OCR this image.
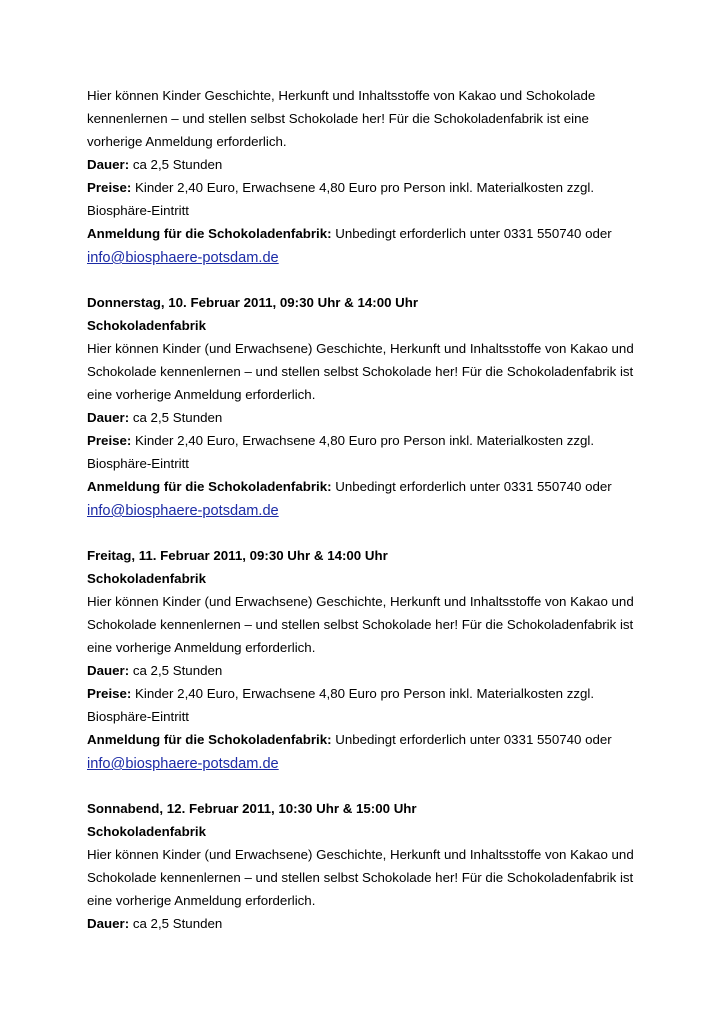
Hier können Kinder Geschichte, Herkunft und Inhaltsstoffe von Kakao und Schokolade
kennenlernen – und stellen selbst Schokolade her! Für die Schokoladenfabrik ist eine
vorherige Anmeldung erforderlich.
Dauer: ca 2,5 Stunden
Preise: Kinder 2,40 Euro, Erwachsene 4,80 Euro pro Person inkl. Materialkosten zzgl.
Biosphäre-Eintritt
Anmeldung für die Schokoladenfabrik: Unbedingt erforderlich unter 0331 550740 oder
info@biosphaere-potsdam.de
Donnerstag, 10. Februar 2011, 09:30 Uhr & 14:00 Uhr
Schokoladenfabrik
Hier können Kinder (und Erwachsene) Geschichte, Herkunft und Inhaltsstoffe von Kakao und
Schokolade kennenlernen – und stellen selbst Schokolade her! Für die Schokoladenfabrik ist
eine vorherige Anmeldung erforderlich.
Dauer: ca 2,5 Stunden
Preise: Kinder 2,40 Euro, Erwachsene 4,80 Euro pro Person inkl. Materialkosten zzgl.
Biosphäre-Eintritt
Anmeldung für die Schokoladenfabrik: Unbedingt erforderlich unter 0331 550740 oder
info@biosphaere-potsdam.de
Freitag, 11. Februar 2011, 09:30 Uhr & 14:00 Uhr
Schokoladenfabrik
Hier können Kinder (und Erwachsene) Geschichte, Herkunft und Inhaltsstoffe von Kakao und
Schokolade kennenlernen – und stellen selbst Schokolade her! Für die Schokoladenfabrik ist
eine vorherige Anmeldung erforderlich.
Dauer: ca 2,5 Stunden
Preise: Kinder 2,40 Euro, Erwachsene 4,80 Euro pro Person inkl. Materialkosten zzgl.
Biosphäre-Eintritt
Anmeldung für die Schokoladenfabrik: Unbedingt erforderlich unter 0331 550740 oder
info@biosphaere-potsdam.de
Sonnabend, 12. Februar 2011, 10:30 Uhr & 15:00 Uhr
Schokoladenfabrik
Hier können Kinder (und Erwachsene) Geschichte, Herkunft und Inhaltsstoffe von Kakao und
Schokolade kennenlernen – und stellen selbst Schokolade her! Für die Schokoladenfabrik ist
eine vorherige Anmeldung erforderlich.
Dauer: ca 2,5 Stunden
